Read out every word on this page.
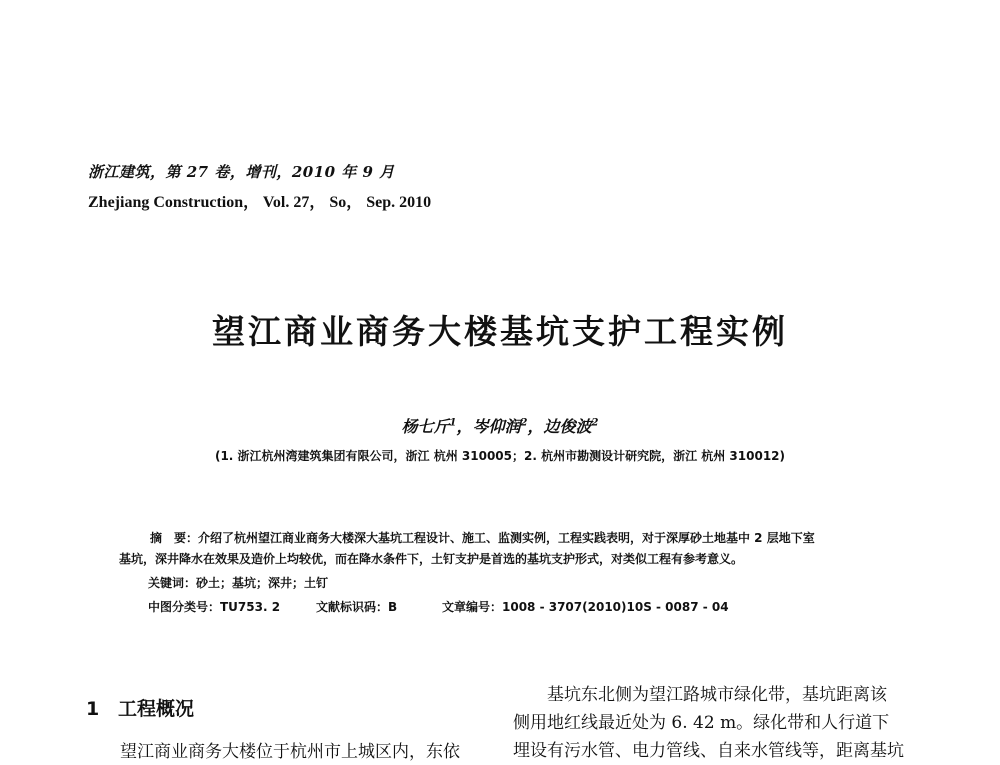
浙江建筑，第 27 卷，增刊，2010 年 9 月
Zhejiang Construction， Vol. 27， So， Sep. 2010
望江商业商务大楼基坑支护工程实例
杨七斤$^1$，岑仰润$^2$，边俊波$^2$
(1. 浙江杭州湾建筑集团有限公司，浙江 杭州 310005；2. 杭州市勘测设计研究院，浙江 杭州 310012)
摘　要：介绍了杭州望江商业商务大楼深大基坑工程设计、施工、监测实例，工程实践表明，对于深厚砂土地基中 2 层地下室
基坑，深井降水在效果及造价上均较优，而在降水条件下，土钉支护是首选的基坑支护形式，对类似工程有参考意义。
关键词：砂土；基坑；深井；土钉
中图分类号：TU753. 2	文献标识码：B	文章编号：1008 - 3707(2010)10S - 0087 - 04
1 工程概况
望江商业商务大楼位于杭州市上城区内，东依
基坑东北侧为望江路城市绿化带，基坑距离该
侧用地红线最近处为 6. 42 m。绿化带和人行道下
埋设有污水管、电力管线、自来水管线等，距离基坑
